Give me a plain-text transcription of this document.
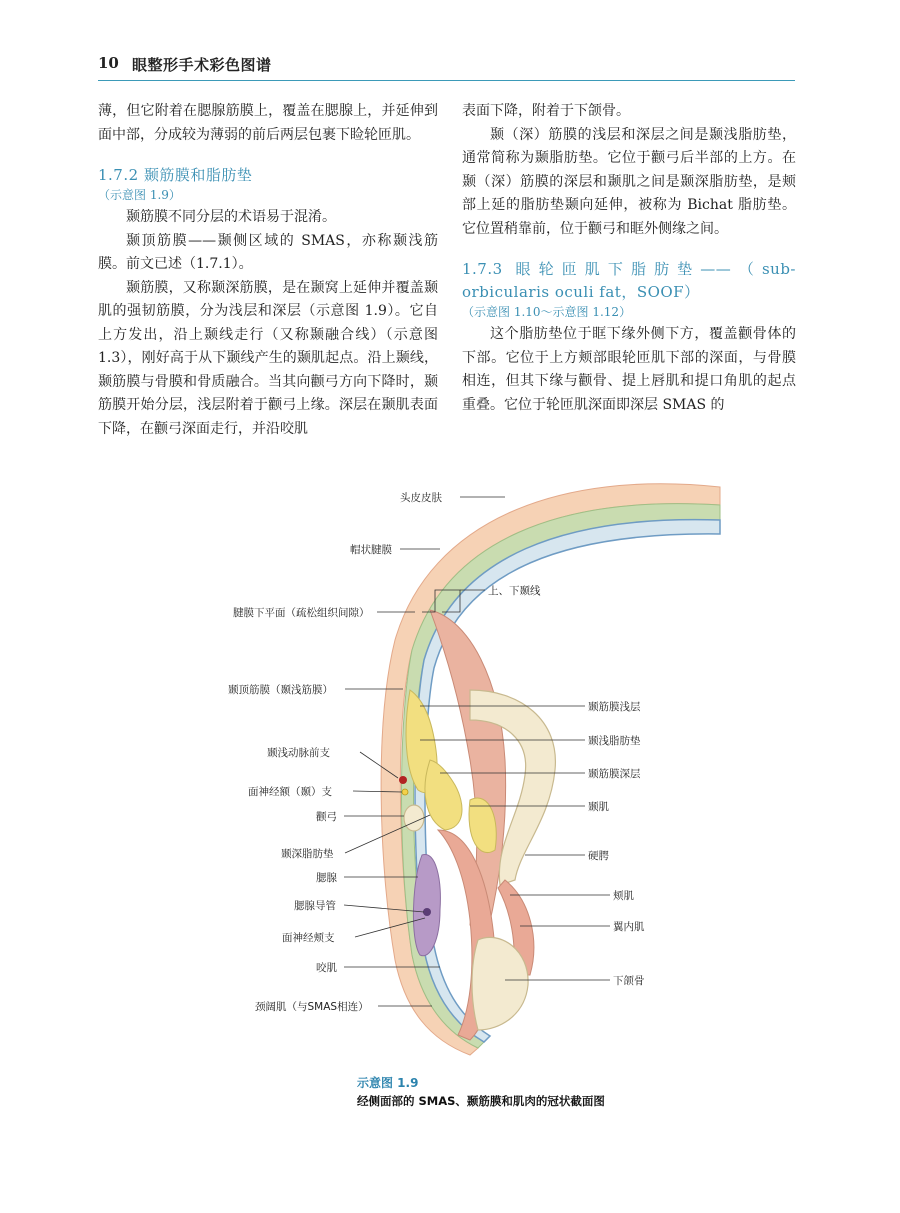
10 眼整形手术彩色图谱

薄，但它附着在腮腺筋膜上，覆盖在腮腺上，并延伸到面中部，分成较为薄弱的前后两层包裹下睑轮匝肌。

1.7.2 颞筋膜和脂肪垫

（示意图 1.9）

颞筋膜不同分层的术语易于混淆。

颞顶筋膜——颞侧区域的 SMAS，亦称颞浅筋膜。前文已述（1.7.1）。

颞筋膜，又称颞深筋膜，是在颞窝上延伸并覆盖颞肌的强韧筋膜，分为浅层和深层（示意图 1.9）。它自上方发出，沿上颞线走行（又称颞融合线）（示意图 1.3），刚好高于从下颞线产生的颞肌起点。沿上颞线，颞筋膜与骨膜和骨质融合。当其向颧弓方向下降时，颞筋膜开始分层，浅层附着于颧弓上缘。深层在颞肌表面下降，在颧弓深面走行，并沿咬肌

表面下降，附着于下颌骨。

颞（深）筋膜的浅层和深层之间是颞浅脂肪垫，通常简称为颞脂肪垫。它位于颧弓后半部的上方。在颞（深）筋膜的深层和颞肌之间是颞深脂肪垫，是颊部上延的脂肪垫颞向延伸，被称为 Bichat 脂肪垫。它位置稍靠前，位于颧弓和眶外侧缘之间。

1.7.3 眼轮匝肌下脂肪垫——（sub-orbicularis oculi fat，SOOF）

（示意图 1.10～示意图 1.12）

这个脂肪垫位于眶下缘外侧下方，覆盖颧骨体的下部。它位于上方颊部眼轮匝肌下部的深面，与骨膜相连，但其下缘与颧骨、提上唇肌和提口角肌的起点重叠。它位于轮匝肌深面即深层 SMAS 的

头皮皮肤
帽状腱膜
腱膜下平面（疏松组织间隙）
颞顶筋膜（颞浅筋膜）
颞浅动脉前支
面神经额（颞）支
颧弓
颞深脂肪垫
腮腺
腮腺导管
面神经颊支
咬肌
颈阔肌（与SMAS相连）
上、下颞线
颞筋膜浅层
颞浅脂肪垫
颞筋膜深层
颞肌
硬腭
颊肌
翼内肌
下颌骨
示意图 1.9
经侧面部的 SMAS、颞筋膜和肌肉的冠状截面图
